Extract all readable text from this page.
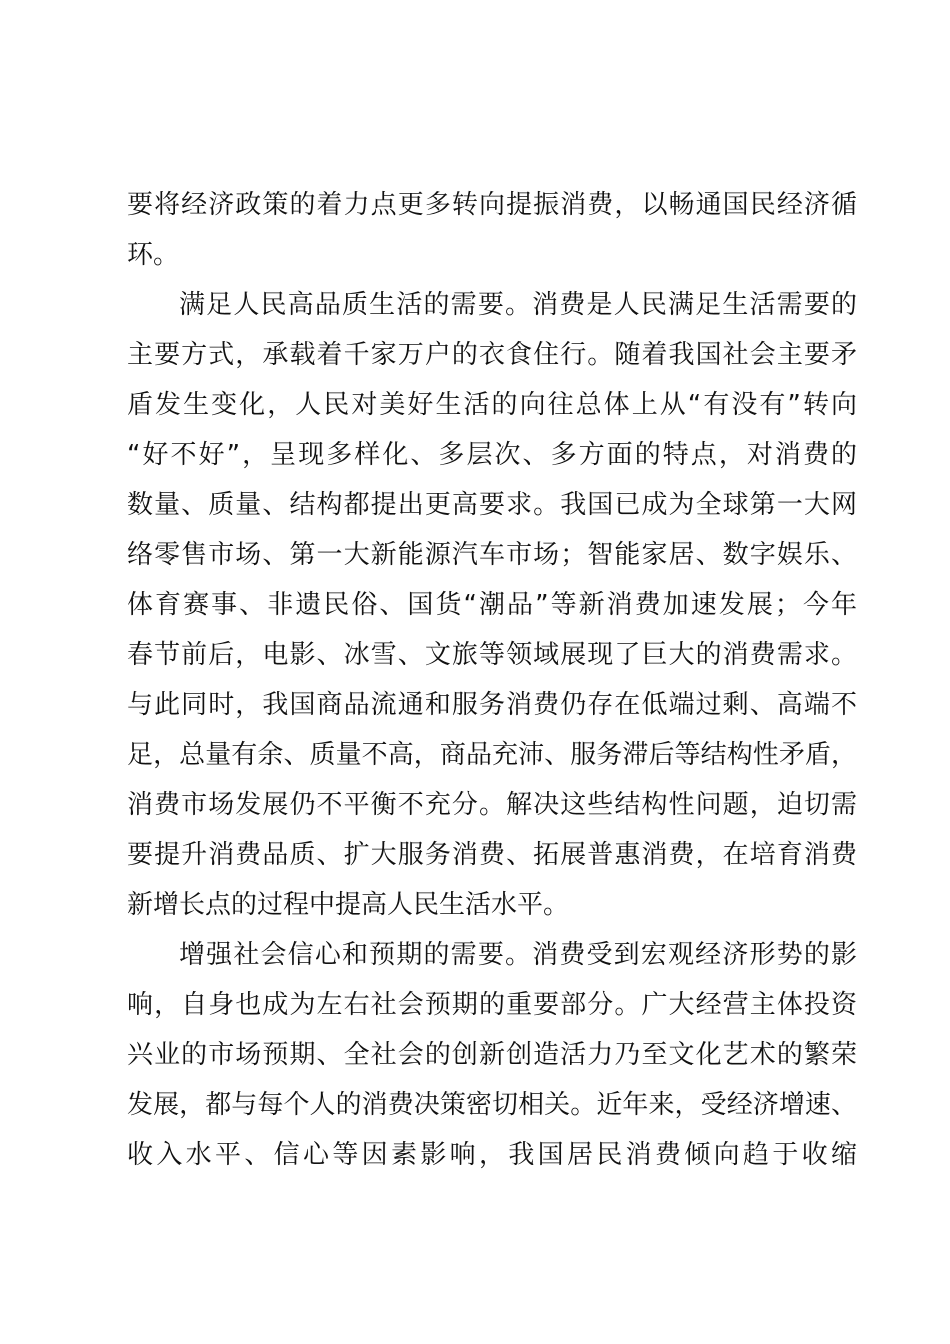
要将经济政策的着力点更多转向提振消费，以畅通国民经济循
环。
满足人民高品质生活的需要。消费是人民满足生活需要的
主要方式，承载着千家万户的衣食住行。随着我国社会主要矛
盾发生变化，人民对美好生活的向往总体上从“有没有”转向
“好不好”，呈现多样化、多层次、多方面的特点，对消费的
数量、质量、结构都提出更高要求。我国已成为全球第一大网
络零售市场、第一大新能源汽车市场；智能家居、数字娱乐、
体育赛事、非遗民俗、国货“潮品”等新消费加速发展；今年
春节前后，电影、冰雪、文旅等领域展现了巨大的消费需求。
与此同时，我国商品流通和服务消费仍存在低端过剩、高端不
足，总量有余、质量不高，商品充沛、服务滞后等结构性矛盾，
消费市场发展仍不平衡不充分。解决这些结构性问题，迫切需
要提升消费品质、扩大服务消费、拓展普惠消费，在培育消费
新增长点的过程中提高人民生活水平。
增强社会信心和预期的需要。消费受到宏观经济形势的影
响，自身也成为左右社会预期的重要部分。广大经营主体投资
兴业的市场预期、全社会的创新创造活力乃至文化艺术的繁荣
发展，都与每个人的消费决策密切相关。近年来，受经济增速、
收入水平、信心等因素影响，我国居民消费倾向趋于收缩
